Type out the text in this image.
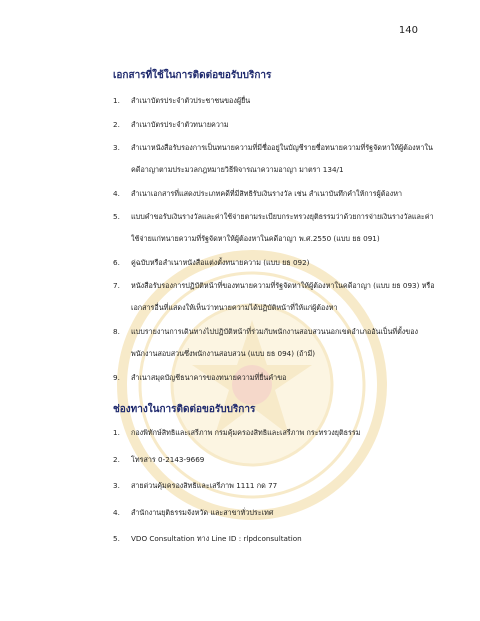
140
เอกสารที่ใช้ในการติดต่อขอรับบริการ
1. สำเนาบัตรประจำตัวประชาชนของผู้ยื่น
2. สำเนาบัตรประจำตัวทนายความ
3. สำเนาหนังสือรับรองการเป็นทนายความที่มีชื่ออยู่ในบัญชีรายชื่อทนายความที่รัฐจัดหาให้ผู้ต้องหาในคดีอาญาตามประมวลกฎหมายวิธีพิจารณาความอาญา มาตรา 134/1
4. สำเนาเอกสารที่แสดงประเภทคดีที่มีสิทธิรับเงินรางวัล เช่น สำเนาบันทึกคำให้การผู้ต้องหา
5. แบบคำขอรับเงินรางวัลและค่าใช้จ่ายตามระเบียบกระทรวงยุติธรรมว่าด้วยการจ่ายเงินรางวัลและค่าใช้จ่ายแก่ทนายความที่รัฐจัดหาให้ผู้ต้องหาในคดีอาญา พ.ศ.2550 (แบบ ยธ 091)
6. คู่ฉบับหรือสำเนาหนังสือแต่งตั้งทนายความ (แบบ ยธ 092)
7. หนังสือรับรองการปฏิบัติหน้าที่ของทนายความที่รัฐจัดหาให้ผู้ต้องหาในคดีอาญา (แบบ ยธ 093) หรือเอกสารอื่นที่แสดงให้เห็นว่าทนายความได้ปฏิบัติหน้าที่ให้แก่ผู้ต้องหา
8. แบบรายงานการเดินทางไปปฏิบัติหน้าที่ร่วมกับพนักงานสอบสวนนอกเขตอำเภออันเป็นที่ตั้งของพนักงานสอบสวนซึ่งพนักงานสอบสวน (แบบ ยธ 094) (ถ้ามี)
9. สำเนาสมุดบัญชีธนาคารของทนายความที่ยื่นคำขอ
ช่องทางในการติดต่อขอรับบริการ
1. กองพิทักษ์สิทธิและเสรีภาพ กรมคุ้มครองสิทธิและเสรีภาพ กระทรวงยุติธรรม
2. โทรสาร 0-2143-9669
3. สายด่วนคุ้มครองสิทธิและเสรีภาพ 1111 กด 77
4. สำนักงานยุติธรรมจังหวัด และสาขาทั่วประเทศ
5. VDO Consultation ทาง Line ID : rlpdconsultation
